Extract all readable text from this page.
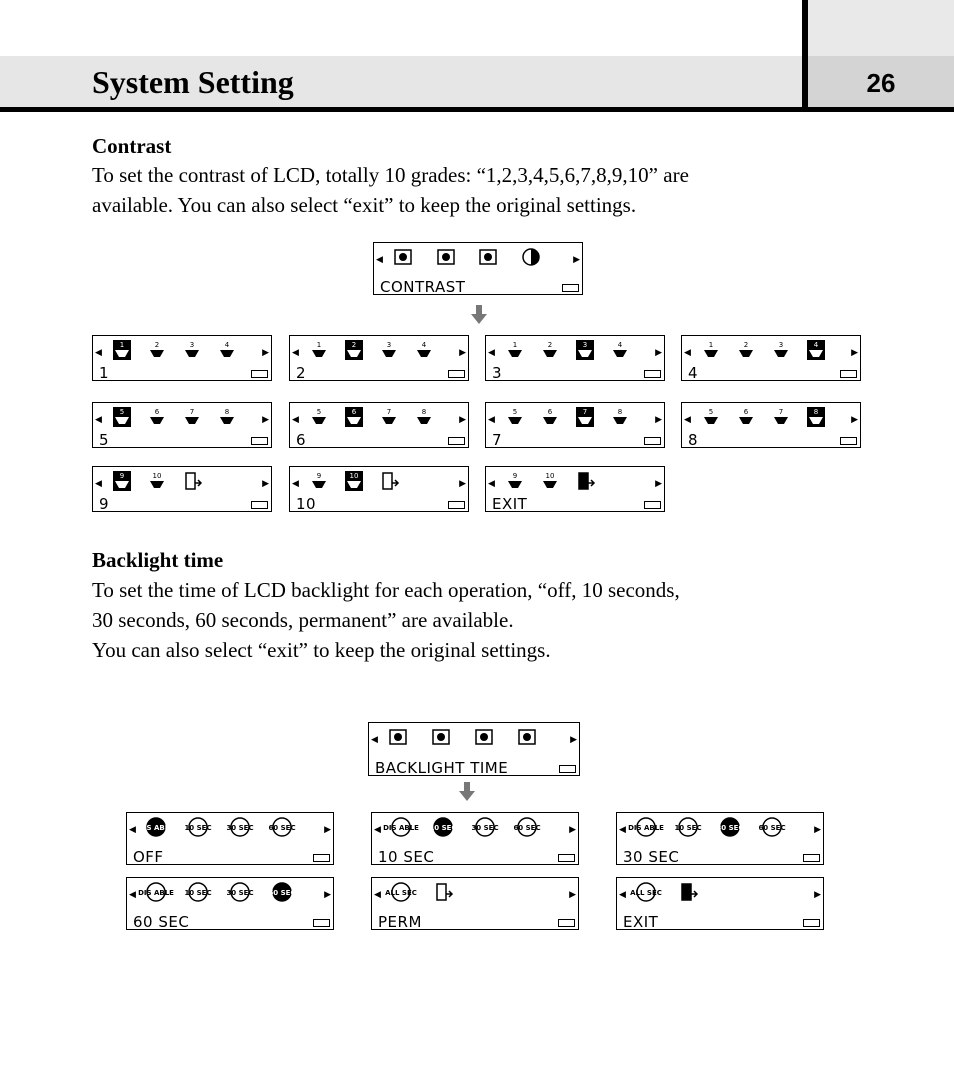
System Setting	26
Contrast
To set the contrast of LCD, totally 10 grades: “1,2,3,4,5,6,7,8,9,10” are
available. You can also select “exit” to keep the original settings.
Backlight time
To set the time of LCD backlight for each operation, “off, 10 seconds,
30 seconds, 60 seconds, permanent” are available.
You can also select “exit” to keep the original settings.
◀	▶
CONTRAST
◀	▶
1	2	3	4
1
◀	▶
1	2	3	4
2
◀	▶
1	2	3	4
3
◀	▶
1	2	3	4
4
◀	▶
5	6	7	8
5
◀	▶
5	6	7	8
6
◀	▶
5	6	7	8
7
◀	▶
5	6	7	8
8
◀	▶
9	10
9
◀	▶
9	10
10
◀	▶
9	10
EXIT
◀	▶
BACKLIGHT TIME
◀	▶
DIS ABLE 10 SEC 30 SEC 60 SEC
OFF
◀	▶
DIS ABLE 10 SEC 30 SEC 60 SEC
10 SEC
◀	▶
DIS ABLE 10 SEC 30 SEC 60 SEC
30 SEC
◀	▶
DIS ABLE 10 SEC 30 SEC 60 SEC
60 SEC
◀	▶
ALL SEC
PERM
◀	▶
ALL SEC
EXIT
